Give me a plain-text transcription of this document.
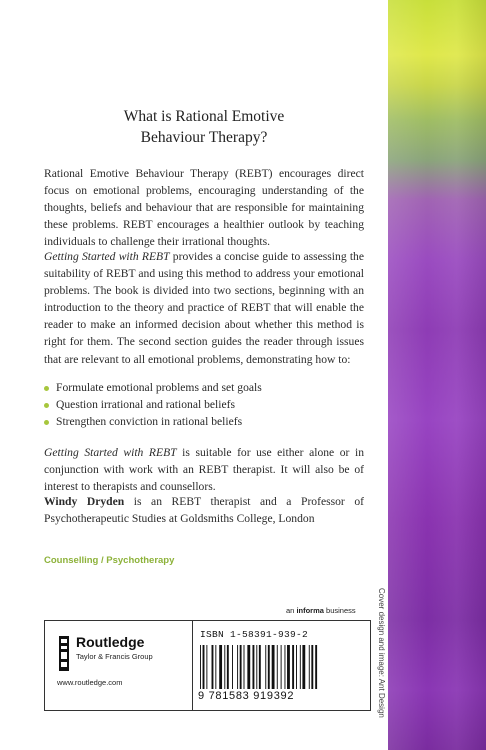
Cover design and image: Ant Design
What is Rational Emotive
Behaviour Therapy?

Rational Emotive Behaviour Therapy (REBT) encourages direct focus on emotional problems, encouraging understanding of the thoughts, beliefs and behaviour that are responsible for maintaining these problems. REBT encourages a healthier outlook by teaching individuals to challenge their irrational thoughts.

Getting Started with REBT provides a concise guide to assessing the suitability of REBT and using this method to address your emotional problems. The book is divided into two sections, beginning with an introduction to the theory and practice of REBT that will enable the reader to make an informed decision about whether this method is right for them. The second section guides the reader through issues that are relevant to all emotional problems, demonstrating how to:

Formulate emotional problems and set goals
Question irrational and rational beliefs
Strengthen conviction in rational beliefs

Getting Started with REBT is suitable for use either alone or in conjunction with work with an REBT therapist. It will also be of interest to therapists and counsellors.

Windy Dryden is an REBT therapist and a Professor of Psychotherapeutic Studies at Goldsmiths College, London

Counselling / Psychotherapy
an informa business
Routledge
Taylor & Francis Group
www.routledge.com
ISBN 1-58391-939-2
9 781583 919392
